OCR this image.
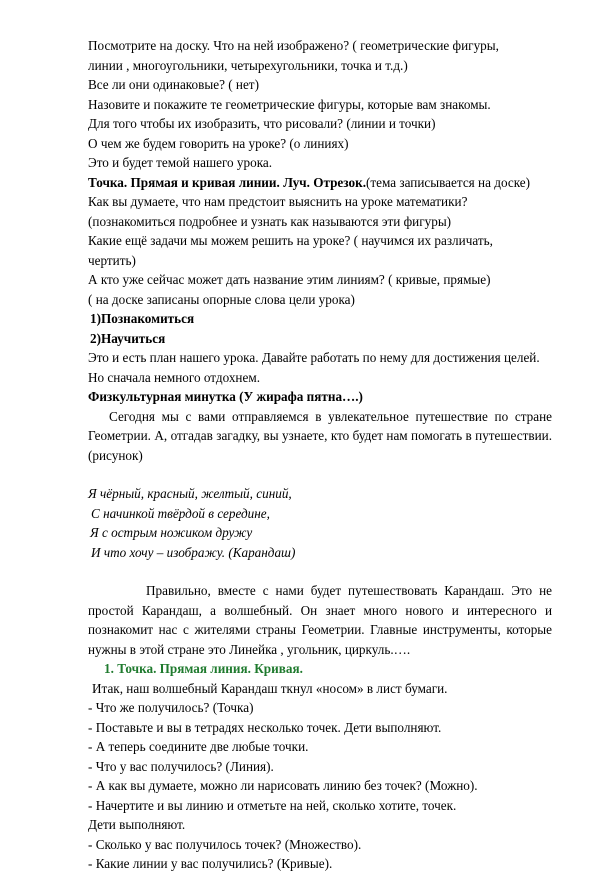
Посмотрите на доску. Что на ней изображено? ( геометрические фигуры,
линии , многоугольники, четырехугольники, точка и т.д.)
Все ли они одинаковые? ( нет)
Назовите и покажите те геометрические фигуры, которые вам знакомы.
Для того чтобы их изобразить, что рисовали? (линии и точки)
О чем же будем говорить на уроке? (о линиях)
Это и будет темой нашего урока.
Точка. Прямая и кривая линии. Луч. Отрезок.(тема записывается на доске)
Как вы думаете, что нам предстоит выяснить на уроке математики?
(познакомиться подробнее и узнать как называются эти фигуры)
Какие ещё задачи мы можем решить на уроке? ( научимся их различать,
чертить)
А кто уже сейчас может дать название этим линиям? ( кривые, прямые)
( на доске записаны опорные слова цели урока)
1)Познакомиться
2)Научиться
Это и есть план нашего урока. Давайте работать по нему для достижения целей.
Но сначала немного отдохнем.
Физкультурная минутка (У жирафа пятна….)
Сегодня мы с вами отправляемся в увлекательное путешествие по стране Геометрии. А, отгадав загадку, вы узнаете, кто будет нам помогать в путешествии. (рисунок)
Я чёрный, красный, желтый, синий,
С начинкой твёрдой в середине,
Я с острым ножиком дружу
И что хочу – изображу. (Карандаш)
Правильно, вместе с нами будет путешествовать Карандаш. Это не простой Карандаш, а волшебный. Он знает много нового и интересного и познакомит нас с жителями страны Геометрии. Главные инструменты, которые нужны в этой стране это Линейка , угольник, циркуль.….
1. Точка. Прямая линия. Кривая.
Итак, наш волшебный Карандаш ткнул «носом» в лист бумаги.
- Что же получилось? (Точка)
- Поставьте и вы в тетрадях несколько точек. Дети выполняют.
- А теперь соедините две любые точки.
- Что у вас получилось? (Линия).
- А как вы думаете, можно ли нарисовать линию без точек? (Можно).
- Начертите и вы линию и отметьте на ней, сколько хотите, точек.
Дети выполняют.
- Сколько у вас получилось точек? (Множество).
- Какие линии у вас получились? (Кривые).
